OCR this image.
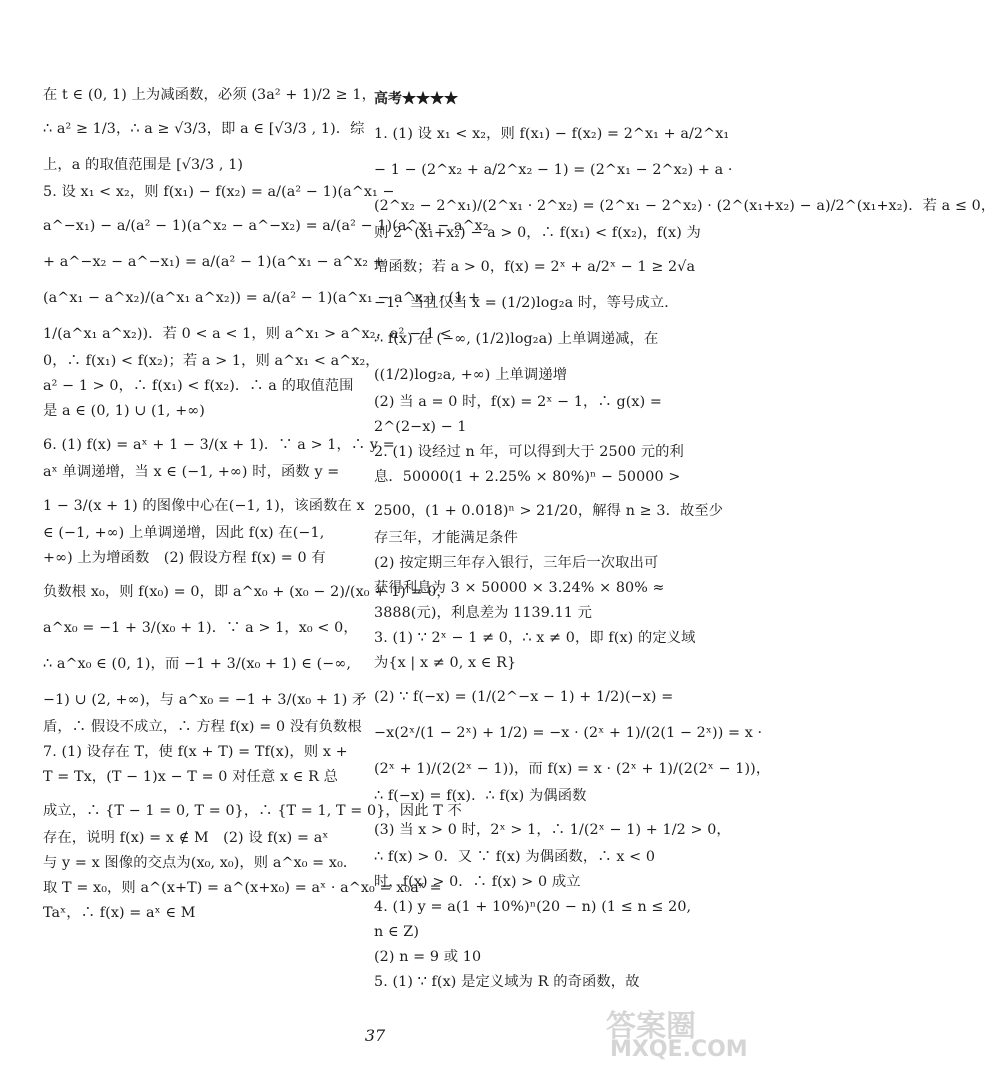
在 t ∈ (0, 1) 上为减函数，必须 (3a² + 1)/2 ≥ 1，

∴ a² ≥ 1/3，∴ a ≥ √3/3，即 a ∈ [√3/3 , 1)．综

上，a 的取值范围是 [√3/3 , 1)

5. 设 x₁ < x₂，则 f(x₁) − f(x₂) = a/(a² − 1)(a^x₁ −

a^−x₁) − a/(a² − 1)(a^x₂ − a^−x₂) = a/(a² − 1)(a^x₁ − a^x₂

+ a^−x₂ − a^−x₁) = a/(a² − 1)(a^x₁ − a^x₂ +

(a^x₁ − a^x₂)/(a^x₁ a^x₂)) = a/(a² − 1)(a^x₁ − a^x₂) · (1 +

1/(a^x₁ a^x₂))．若 0 < a < 1，则 a^x₁ > a^x₂，a² − 1 <

0，∴ f(x₁) < f(x₂)；若 a > 1，则 a^x₁ < a^x₂，

a² − 1 > 0，∴ f(x₁) < f(x₂)．∴ a 的取值范围

是 a ∈ (0, 1) ∪ (1, +∞)

6. (1) f(x) = aˣ + 1 − 3/(x + 1)．∵ a > 1，∴ y =

aˣ 单调递增，当 x ∈ (−1, +∞) 时，函数 y =

1 − 3/(x + 1) 的图像中心在(−1, 1)，该函数在 x

∈ (−1, +∞) 上单调递增，因此 f(x) 在(−1,

+∞) 上为增函数　(2) 假设方程 f(x) = 0 有

负数根 x₀，则 f(x₀) = 0，即 a^x₀ + (x₀ − 2)/(x₀ + 1) = 0，

a^x₀ = −1 + 3/(x₀ + 1)．∵ a > 1，x₀ < 0，

∴ a^x₀ ∈ (0, 1)，而 −1 + 3/(x₀ + 1) ∈ (−∞,

−1) ∪ (2, +∞)，与 a^x₀ = −1 + 3/(x₀ + 1) 矛

盾，∴ 假设不成立，∴ 方程 f(x) = 0 没有负数根

7. (1) 设存在 T，使 f(x + T) = Tf(x)，则 x +

T = Tx，(T − 1)x − T = 0 对任意 x ∈ R 总

成立，∴ {T − 1 = 0, T = 0}，∴ {T = 1, T = 0}，因此 T 不

存在，说明 f(x) = x ∉ M　(2) 设 f(x) = aˣ

与 y = x 图像的交点为(x₀, x₀)，则 a^x₀ = x₀．

取 T = x₀，则 a^(x+T) = a^(x+x₀) = aˣ · a^x₀ = x₀aˣ =

Taˣ，∴ f(x) = aˣ ∈ M

高考★★★★

1. (1) 设 x₁ < x₂，则 f(x₁) − f(x₂) = 2^x₁ + a/2^x₁

− 1 − (2^x₂ + a/2^x₂ − 1) = (2^x₁ − 2^x₂) + a ·

(2^x₂ − 2^x₁)/(2^x₁ · 2^x₂) = (2^x₁ − 2^x₂) · (2^(x₁+x₂) − a)/2^(x₁+x₂)．若 a ≤ 0，

则 2^(x₁+x₂) − a > 0，∴ f(x₁) < f(x₂)，f(x) 为

增函数；若 a > 0，f(x) = 2ˣ + a/2ˣ − 1 ≥ 2√a

−1．当且仅当 x = (1/2)log₂a 时，等号成立．

∴ f(x) 在 (−∞, (1/2)log₂a) 上单调递减，在

((1/2)log₂a, +∞) 上单调递增

(2) 当 a = 0 时，f(x) = 2ˣ − 1，∴ g(x) =

2^(2−x) − 1

2. (1) 设经过 n 年，可以得到大于 2500 元的利

息．50000(1 + 2.25% × 80%)ⁿ − 50000 >

2500，(1 + 0.018)ⁿ > 21/20，解得 n ≥ 3．故至少

存三年，才能满足条件

(2) 按定期三年存入银行，三年后一次取出可

获得利息为 3 × 50000 × 3.24% × 80% ≈

3888(元)，利息差为 1139.11 元

3. (1) ∵ 2ˣ − 1 ≠ 0，∴ x ≠ 0，即 f(x) 的定义域

为{x | x ≠ 0, x ∈ R}

(2) ∵ f(−x) = (1/(2^−x − 1) + 1/2)(−x) =

−x(2ˣ/(1 − 2ˣ) + 1/2) = −x · (2ˣ + 1)/(2(1 − 2ˣ)) = x ·

(2ˣ + 1)/(2(2ˣ − 1))，而 f(x) = x · (2ˣ + 1)/(2(2ˣ − 1))，

∴ f(−x) = f(x)．∴ f(x) 为偶函数

(3) 当 x > 0 时，2ˣ > 1，∴ 1/(2ˣ − 1) + 1/2 > 0，

∴ f(x) > 0．又 ∵ f(x) 为偶函数，∴ x < 0

时，f(x) > 0．∴ f(x) > 0 成立

4. (1) y = a(1 + 10%)ⁿ(20 − n) (1 ≤ n ≤ 20,

n ∈ Z)

(2) n = 9 或 10

5. (1) ∵ f(x) 是定义域为 R 的奇函数，故

37	答案圈
MXQE.COM
